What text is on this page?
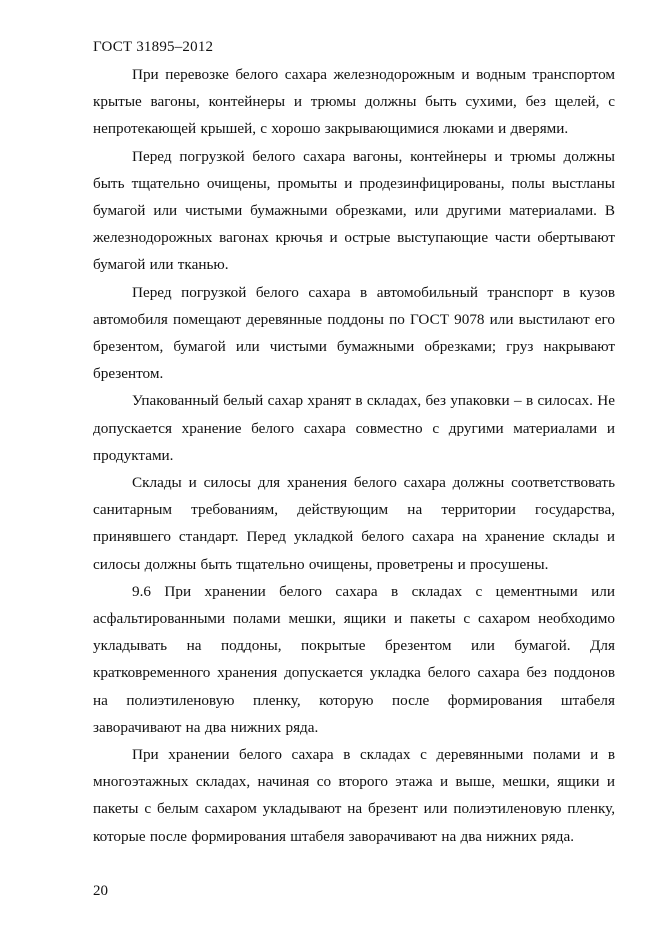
ГОСТ 31895–2012

При перевозке белого сахара железнодорожным и водным транспортом крытые вагоны, контейнеры и трюмы должны быть сухими, без щелей, с непротекающей крышей, с хорошо закрывающимися люками и дверями.

Перед погрузкой белого сахара вагоны, контейнеры и трюмы должны быть тщательно очищены, промыты и продезинфицированы, полы выстланы бумагой или чистыми бумажными обрезками, или другими материалами. В железнодорожных вагонах крючья и острые выступающие части обертывают бумагой или тканью.

Перед погрузкой белого сахара в автомобильный транспорт в кузов автомобиля помещают деревянные поддоны по ГОСТ 9078 или выстилают его брезентом, бумагой или чистыми бумажными обрезками; груз накрывают брезентом.

Упакованный белый сахар хранят в складах, без упаковки – в силосах. Не допускается хранение белого сахара совместно с другими материалами и продуктами.

Склады и силосы для хранения белого сахара должны соответствовать санитарным требованиям, действующим на территории государства, принявшего стандарт. Перед укладкой белого сахара на хранение склады и силосы должны быть тщательно очищены, проветрены и просушены.

9.6 При хранении белого сахара в складах с цементными или асфальтированными полами мешки, ящики и пакеты с сахаром необходимо укладывать на поддоны, покрытые брезентом или бумагой. Для кратковременного хранения допускается укладка белого сахара без поддонов на полиэтиленовую пленку, которую после формирования штабеля заворачивают на два нижних ряда.

При хранении белого сахара в складах с деревянными полами и в многоэтажных складах, начиная со второго этажа и выше, мешки, ящики и пакеты с белым сахаром укладывают на брезент или полиэтиленовую пленку, которые после формирования штабеля заворачивают на два нижних ряда.

20
